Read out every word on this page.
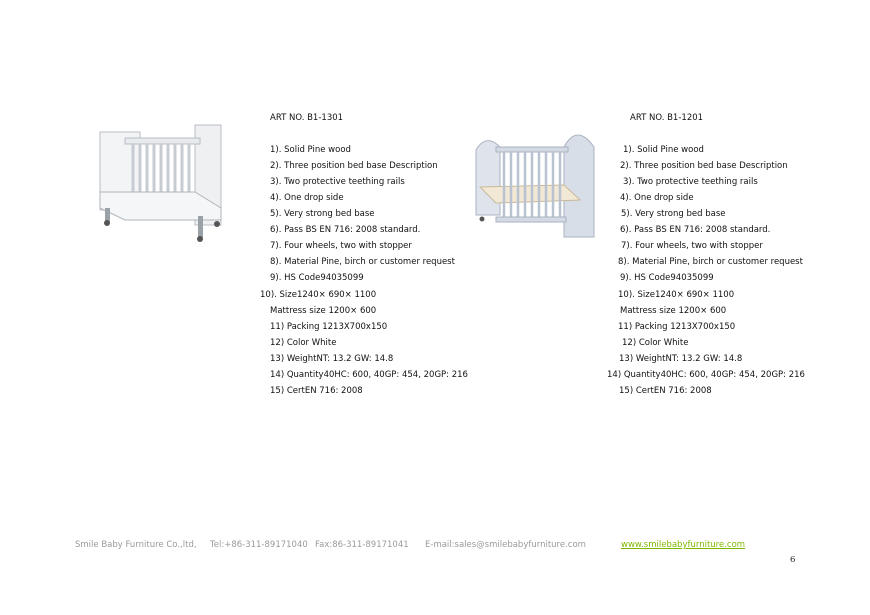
ART NO. B1-1301
1). Solid Pine wood
2). Three position bed base Description
3). Two protective teething rails
4). One drop side
5). Very strong bed base
6). Pass BS EN 716: 2008 standard.
7). Four wheels, two with stopper
8). Material Pine, birch or customer request
9). HS Code94035099
10). Size1240× 690× 1100
Mattress size 1200× 600
11) Packing 1213X700x150
12) Color White
13) WeightNT: 13.2 GW: 14.8
14) Quantity40HC: 600, 40GP: 454, 20GP: 216
15) CertEN 716: 2008
ART NO. B1-1201
1). Solid Pine wood
2). Three position bed base Description
3). Two protective teething rails
4). One drop side
5). Very strong bed base
6). Pass BS EN 716: 2008 standard.
7). Four wheels, two with stopper
8). Material Pine, birch or customer request
9). HS Code94035099
10). Size1240× 690× 1100
Mattress size 1200× 600
11) Packing 1213X700x150
12) Color White
13) WeightNT: 13.2 GW: 14.8
14) Quantity40HC: 600, 40GP: 454, 20GP: 216
15) CertEN 716: 2008
Smile Baby Furniture Co.,ltd, Tel:+86-311-89171040 Fax:86-311-89171041 E-mail:sales@smilebabyfurniture.com	www.smilebabyfurniture.com
6
